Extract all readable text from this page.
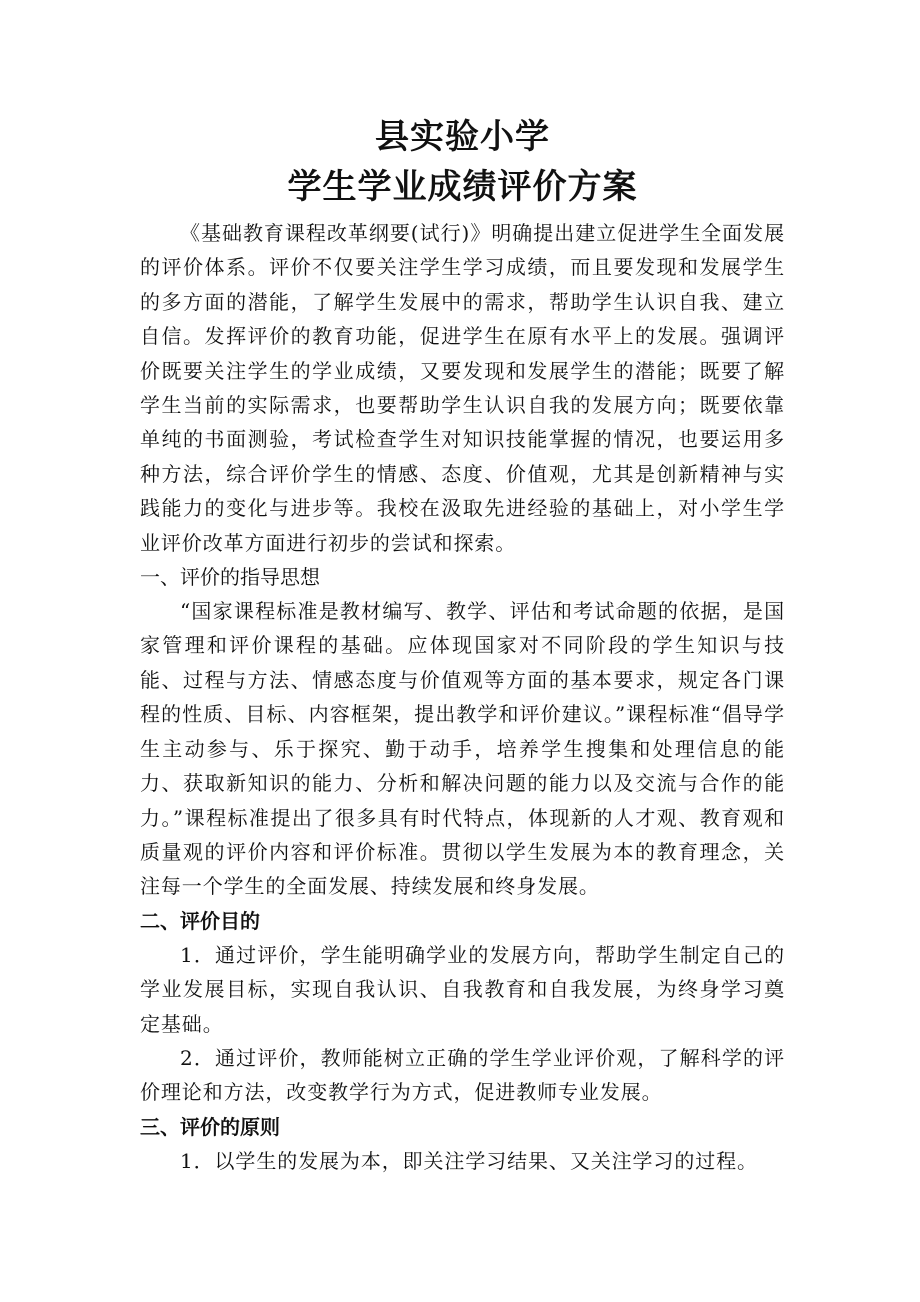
县实验小学
学生学业成绩评价方案

《基础教育课程改革纲要(试行)》明确提出建立促进学生全面发展的评价体系。评价不仅要关注学生学习成绩，而且要发现和发展学生的多方面的潜能，了解学生发展中的需求，帮助学生认识自我、建立自信。发挥评价的教育功能，促进学生在原有水平上的发展。强调评价既要关注学生的学业成绩，又要发现和发展学生的潜能；既要了解学生当前的实际需求，也要帮助学生认识自我的发展方向；既要依靠单纯的书面测验，考试检查学生对知识技能掌握的情况，也要运用多种方法，综合评价学生的情感、态度、价值观，尤其是创新精神与实践能力的变化与进步等。我校在汲取先进经验的基础上，对小学生学业评价改革方面进行初步的尝试和探索。

一、评价的指导思想

“国家课程标准是教材编写、教学、评估和考试命题的依据，是国家管理和评价课程的基础。应体现国家对不同阶段的学生知识与技能、过程与方法、情感态度与价值观等方面的基本要求，规定各门课程的性质、目标、内容框架，提出教学和评价建议。”课程标准“倡导学生主动参与、乐于探究、勤于动手，培养学生搜集和处理信息的能力、获取新知识的能力、分析和解决问题的能力以及交流与合作的能力。”课程标准提出了很多具有时代特点，体现新的人才观、教育观和质量观的评价内容和评价标准。贯彻以学生发展为本的教育理念，关注每一个学生的全面发展、持续发展和终身发展。

二、评价目的

1．通过评价，学生能明确学业的发展方向，帮助学生制定自己的学业发展目标，实现自我认识、自我教育和自我发展，为终身学习奠定基础。

2．通过评价，教师能树立正确的学生学业评价观，了解科学的评价理论和方法，改变教学行为方式，促进教师专业发展。

三、评价的原则

1．以学生的发展为本，即关注学习结果、又关注学习的过程。
